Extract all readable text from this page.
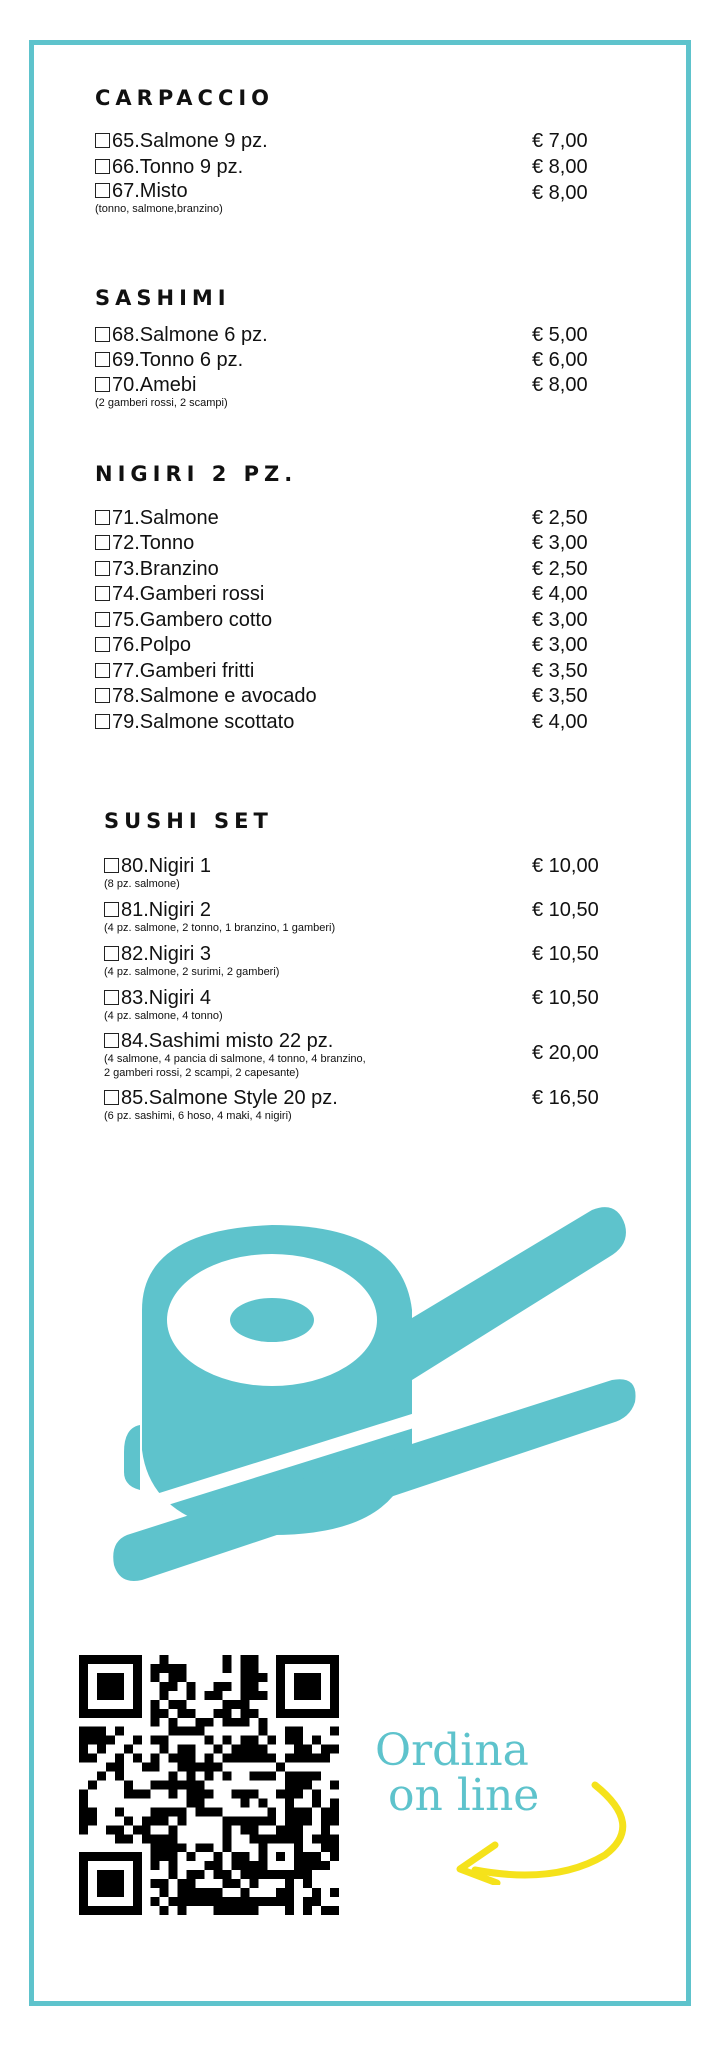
CARPACCIO
65.Salmone 9 pz.	€ 7,00
66.Tonno 9 pz.	€ 8,00
67.Misto
(tonno, salmone,branzino)
€ 8,00
SASHIMI
68.Salmone 6 pz.	€ 5,00
69.Tonno 6 pz.	€ 6,00
70.Amebi
(2 gamberi rossi, 2 scampi)
€ 8,00
NIGIRI 2 PZ.
71.Salmone	€ 2,50
72.Tonno	€ 3,00
73.Branzino	€ 2,50
74.Gamberi rossi	€ 4,00
75.Gambero cotto	€ 3,00
76.Polpo	€ 3,00
77.Gamberi fritti	€ 3,50
78.Salmone e avocado	€ 3,50
79.Salmone scottato	€ 4,00
SUSHI SET
80.Nigiri 1
(8 pz. salmone)
€ 10,00
81.Nigiri 2
(4 pz. salmone, 2 tonno, 1 branzino, 1 gamberi)
€ 10,50
82.Nigiri 3
(4 pz. salmone, 2 surimi, 2 gamberi)
€ 10,50
83.Nigiri 4
(4 pz. salmone, 4 tonno)
€ 10,50
84.Sashimi misto 22 pz.
(4 salmone, 4 pancia di salmone, 4 tonno, 4 branzino,
2 gamberi rossi, 2 scampi, 2 capesante)
€ 20,00
85.Salmone Style 20 pz.
(6 pz. sashimi, 6 hoso, 4 maki, 4 nigiri)
€ 16,50
Ordina
on line
